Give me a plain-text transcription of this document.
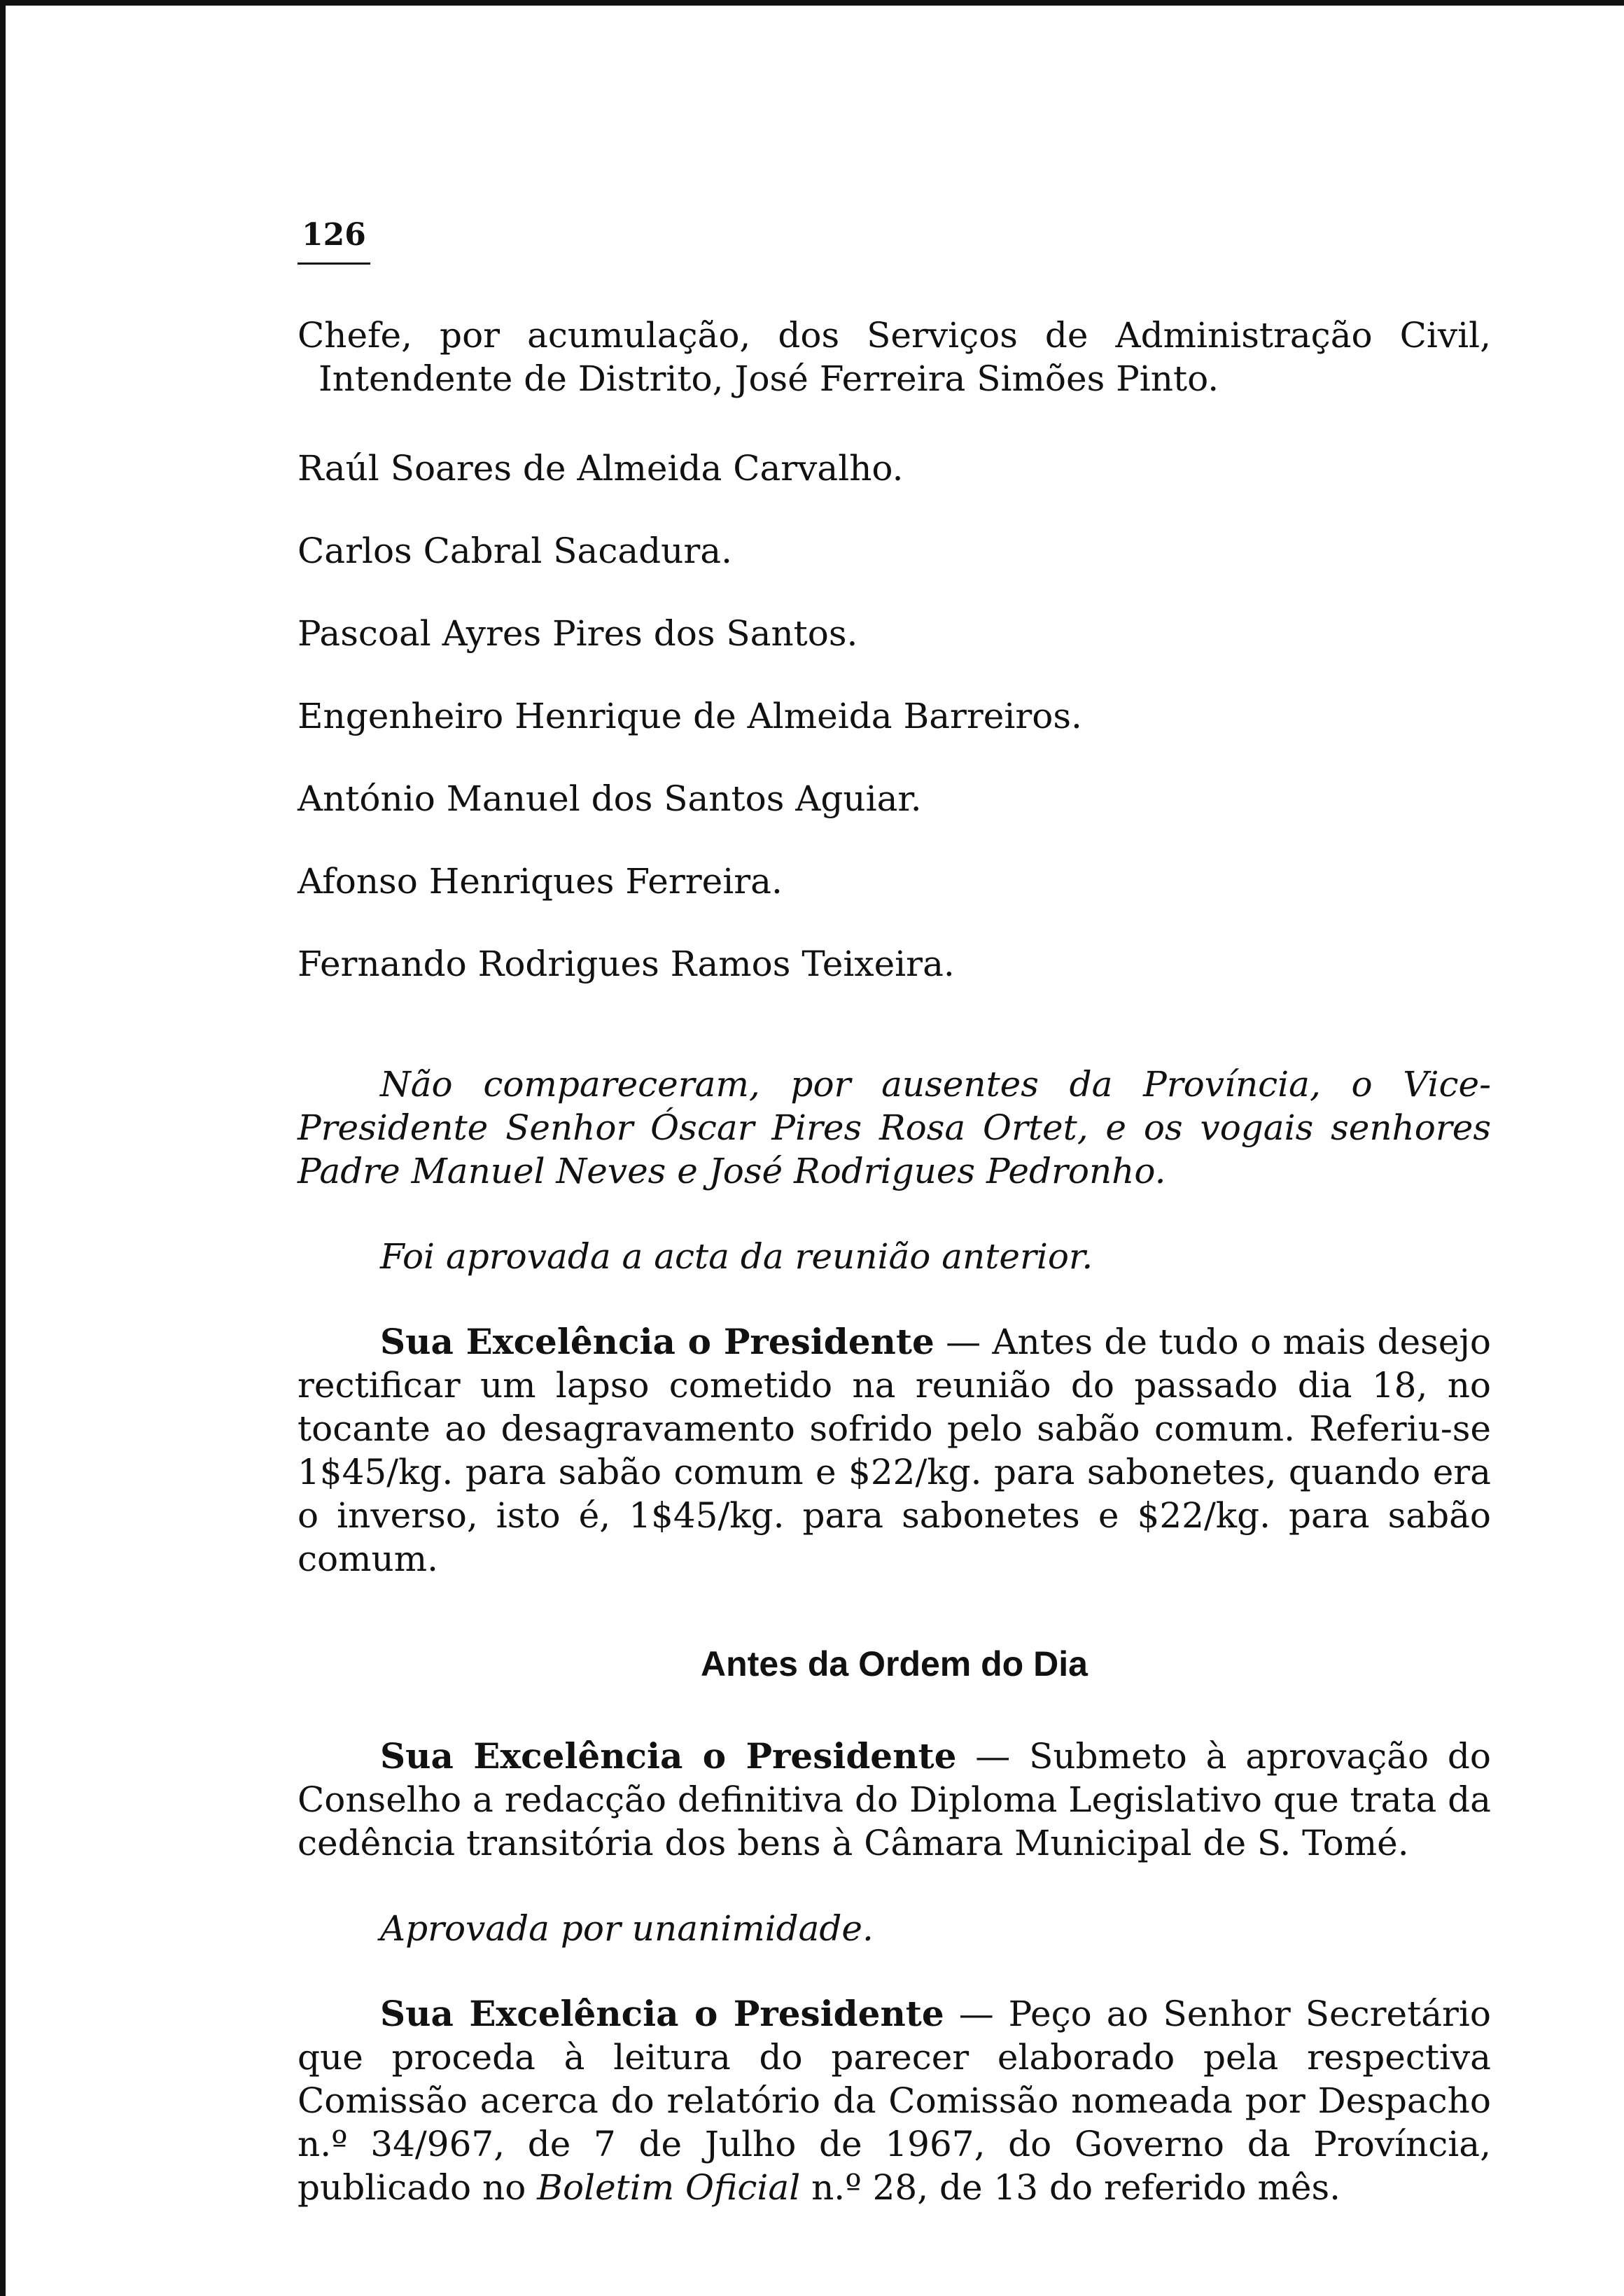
126

Chefe, por acumulação, dos Serviços de Administração Civil, Intendente de Distrito, José Ferreira Simões Pinto.

Raúl Soares de Almeida Carvalho.

Carlos Cabral Sacadura.

Pascoal Ayres Pires dos Santos.

Engenheiro Henrique de Almeida Barreiros.

António Manuel dos Santos Aguiar.

Afonso Henriques Ferreira.

Fernando Rodrigues Ramos Teixeira.

Não compareceram, por ausentes da Província, o Vice-Presidente Senhor Óscar Pires Rosa Ortet, e os vogais senhores Padre Manuel Neves e José Rodrigues Pedronho.

Foi aprovada a acta da reunião anterior.

Sua Excelência o Presidente — Antes de tudo o mais desejo rectificar um lapso cometido na reunião do passado dia 18, no tocante ao desagravamento sofrido pelo sabão comum. Referiu-se 1$45/kg. para sabão comum e $22/kg. para sabonetes, quando era o inverso, isto é, 1$45/kg. para sabonetes e $22/kg. para sabão comum.

Antes da Ordem do Dia

Sua Excelência o Presidente — Submeto à aprovação do Conselho a redacção definitiva do Diploma Legislativo que trata da cedência transitória dos bens à Câmara Municipal de S. Tomé.

Aprovada por unanimidade.

Sua Excelência o Presidente — Peço ao Senhor Secretário que proceda à leitura do parecer elaborado pela respectiva Comissão acerca do relatório da Comissão nomeada por Despacho n.º 34/967, de 7 de Julho de 1967, do Governo da Província, publicado no Boletim Oficial n.º 28, de 13 do referido mês.
